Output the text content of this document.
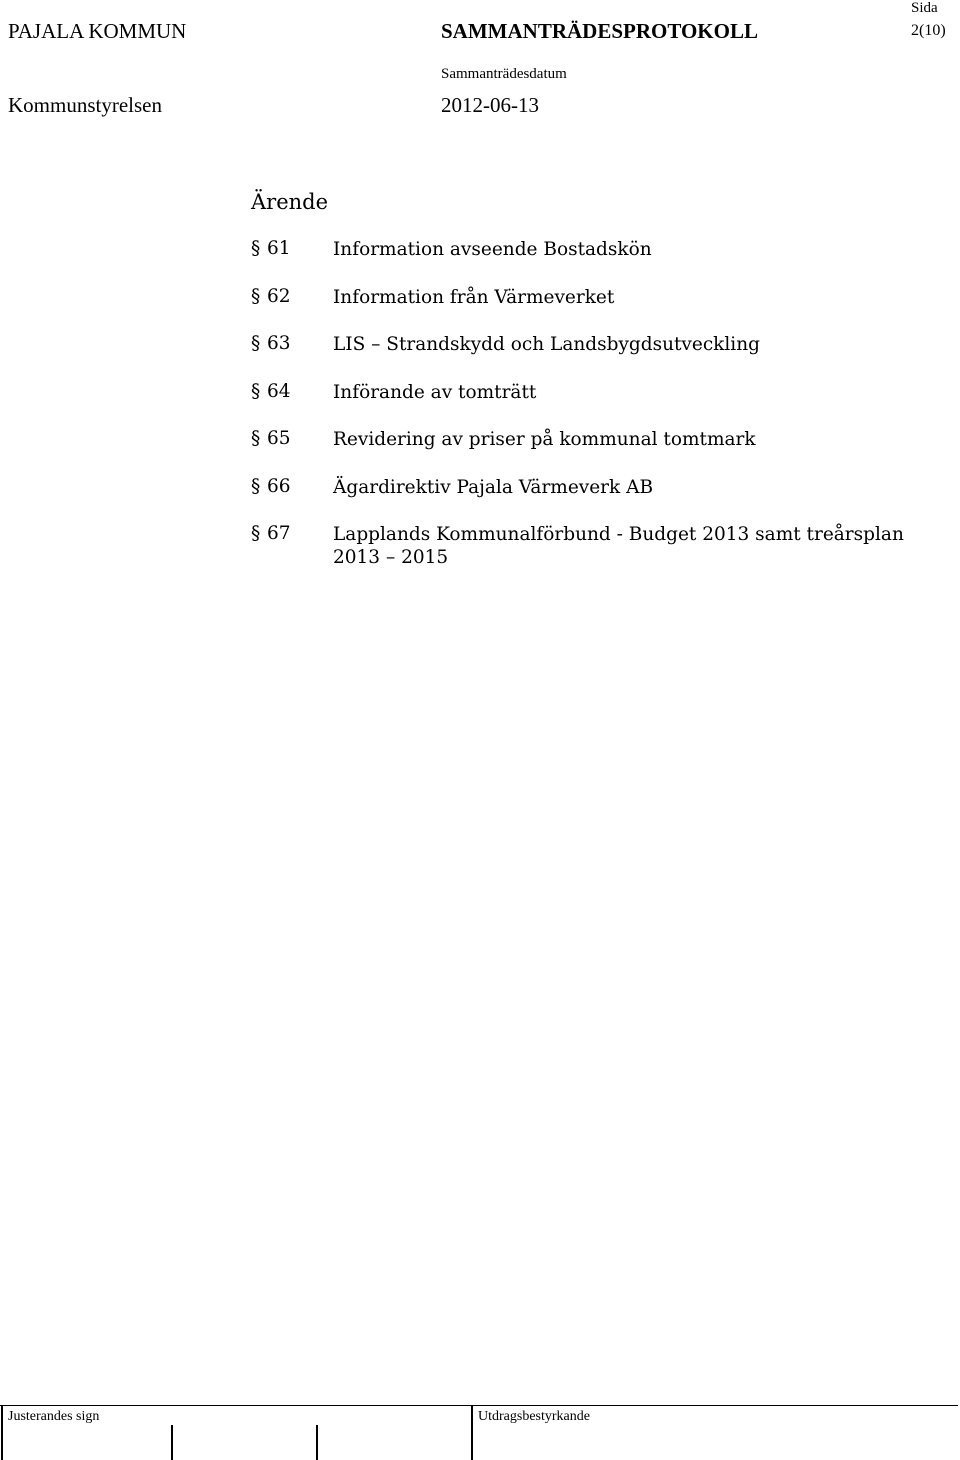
PAJALA KOMMUN	SAMMANTRÄDESPROTOKOLL
Sida
2(10)
Sammanträdesdatum
Kommunstyrelsen	2012-06-13
Ärende
§ 61 Information avseende Bostadskön
§ 62 Information från Värmeverket
§ 63 LIS – Strandskydd och Landsbygdsutveckling
§ 64 Införande av tomträtt
§ 65 Revidering av priser på kommunal tomtmark
§ 66 Ägardirektiv Pajala Värmeverk AB
§ 67 Lapplands Kommunalförbund - Budget 2013 samt treårsplan 2013 – 2015
Justerandes sign	Utdragsbestyrkande
